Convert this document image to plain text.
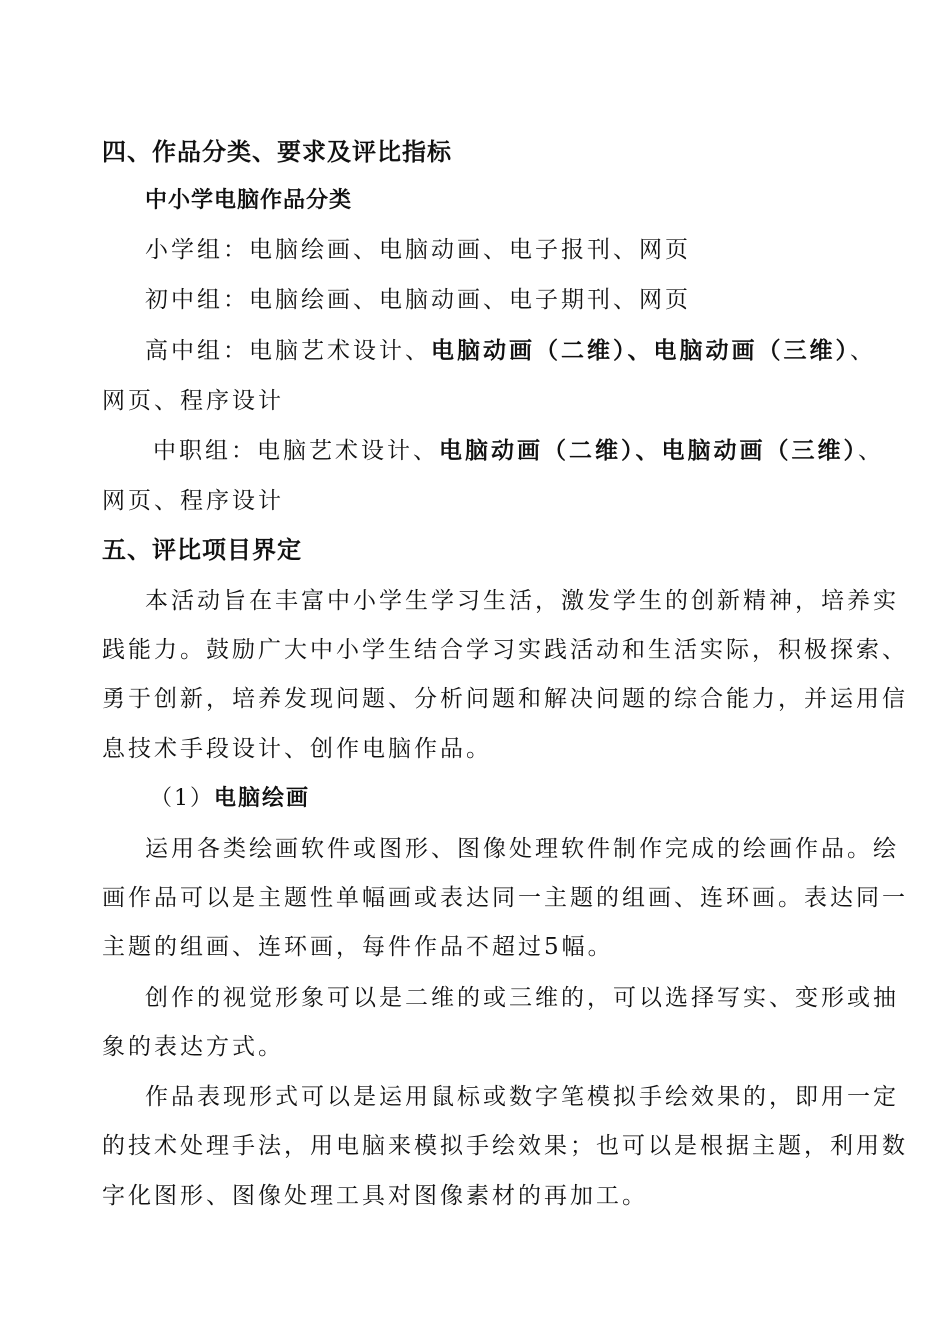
四、作品分类、要求及评比指标
中小学电脑作品分类
小学组：电脑绘画、电脑动画、电子报刊、网页
初中组：电脑绘画、电脑动画、电子期刊、网页
高中组：电脑艺术设计、电脑动画（二维）、电脑动画（三维）、
网页、程序设计
中职组：电脑艺术设计、电脑动画（二维）、电脑动画（三维）、
网页、程序设计
五、评比项目界定
本活动旨在丰富中小学生学习生活，激发学生的创新精神，培养实
践能力。鼓励广大中小学生结合学习实践活动和生活实际，积极探索、
勇于创新，培养发现问题、分析问题和解决问题的综合能力，并运用信
息技术手段设计、创作电脑作品。
（1）电脑绘画
运用各类绘画软件或图形、图像处理软件制作完成的绘画作品。绘
画作品可以是主题性单幅画或表达同一主题的组画、连环画。表达同一
主题的组画、连环画，每件作品不超过5幅。
创作的视觉形象可以是二维的或三维的，可以选择写实、变形或抽
象的表达方式。
作品表现形式可以是运用鼠标或数字笔模拟手绘效果的，即用一定
的技术处理手法，用电脑来模拟手绘效果；也可以是根据主题，利用数
字化图形、图像处理工具对图像素材的再加工。
